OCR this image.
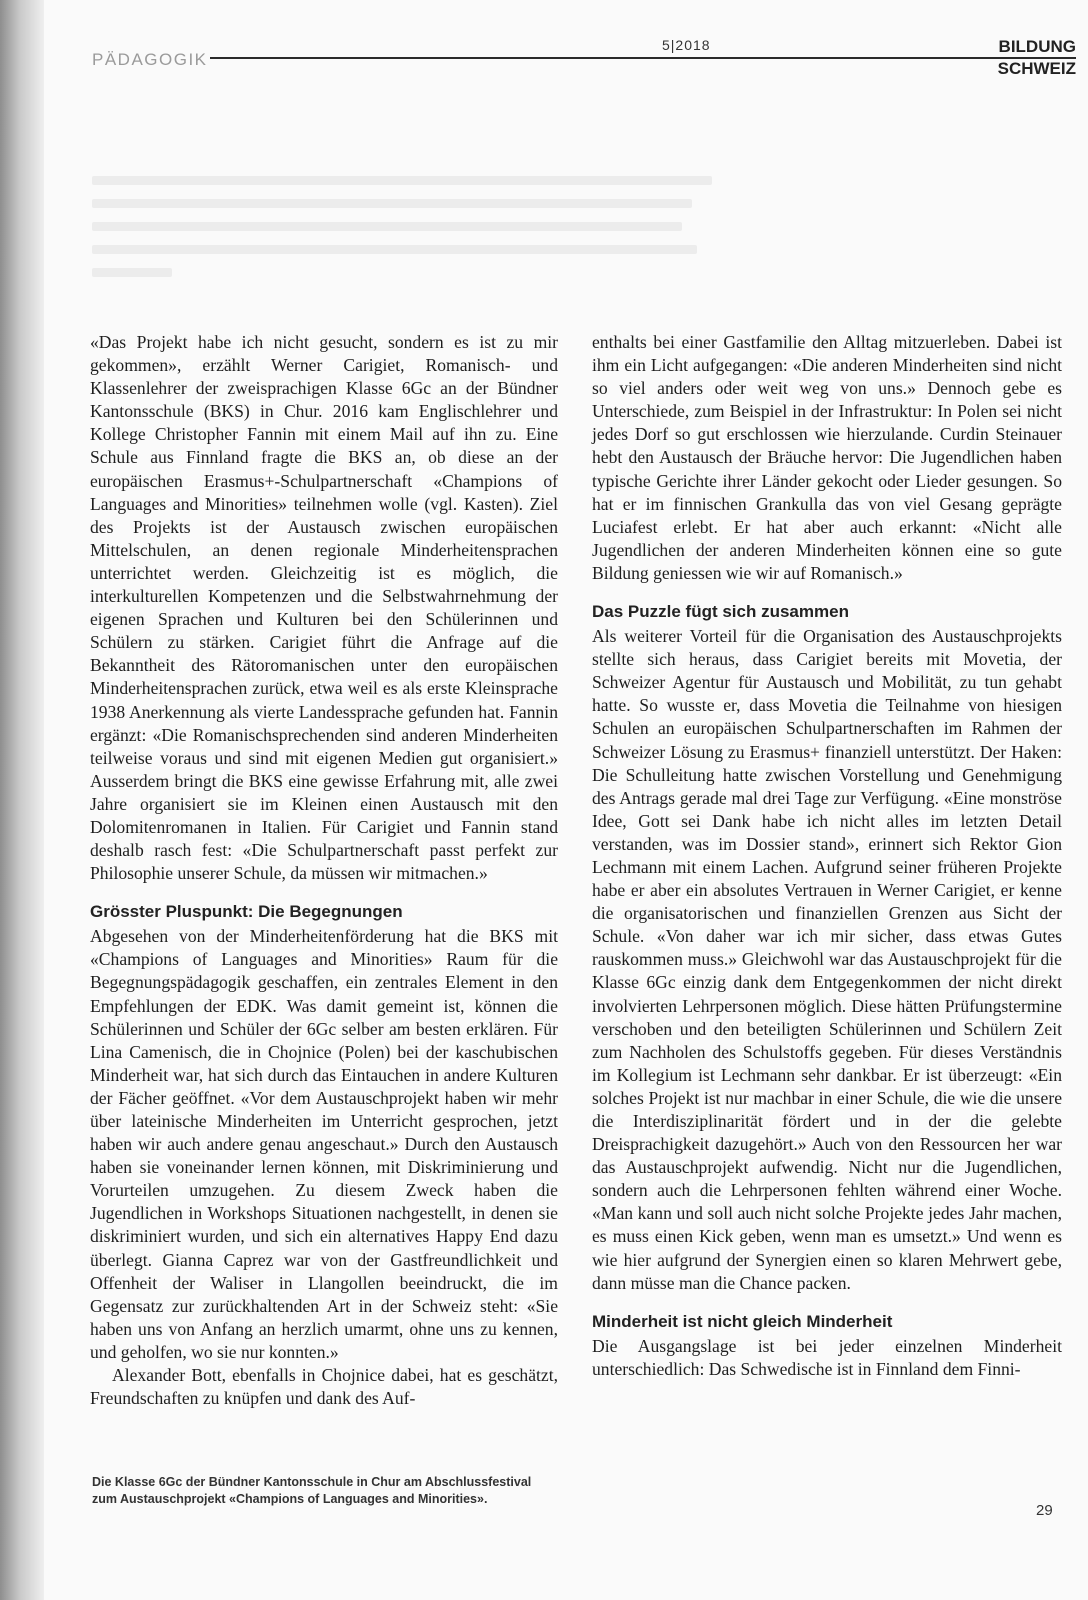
PÄDAGOGIK
5|2018	BILDUNG
SCHWEIZ

«Das Projekt habe ich nicht gesucht, sondern es ist zu mir gekommen», erzählt Werner Carigiet, Romanisch- und Klassenlehrer der zweisprachigen Klasse 6Gc an der Bündner Kantonsschule (BKS) in Chur. 2016 kam Englischlehrer und Kollege Christopher Fannin mit einem Mail auf ihn zu. Eine Schule aus Finnland fragte die BKS an, ob diese an der europäischen Erasmus+-Schulpartnerschaft «Champions of Languages and Minorities» teilnehmen wolle (vgl. Kasten). Ziel des Projekts ist der Austausch zwischen europäischen Mittelschulen, an denen regionale Minderheitensprachen unterrichtet werden. Gleichzeitig ist es möglich, die interkulturellen Kompetenzen und die Selbstwahrnehmung der eigenen Sprachen und Kulturen bei den Schülerinnen und Schülern zu stärken. Carigiet führt die Anfrage auf die Bekanntheit des Rätoromanischen unter den europäischen Minderheitensprachen zurück, etwa weil es als erste Kleinsprache 1938 Anerkennung als vierte Landessprache gefunden hat. Fannin ergänzt: «Die Romanischsprechenden sind anderen Minderheiten teilweise voraus und sind mit eigenen Medien gut organisiert.» Ausserdem bringt die BKS eine gewisse Erfahrung mit, alle zwei Jahre organisiert sie im Kleinen einen Austausch mit den Dolomitenromanen in Italien. Für Carigiet und Fannin stand deshalb rasch fest: «Die Schulpartnerschaft passt perfekt zur Philosophie unserer Schule, da müssen wir mitmachen.»

Grösster Pluspunkt: Die Begegnungen

Abgesehen von der Minderheitenförderung hat die BKS mit «Champions of Languages and Minorities» Raum für die Begegnungspädagogik geschaffen, ein zentrales Element in den Empfehlungen der EDK. Was damit gemeint ist, können die Schülerinnen und Schüler der 6Gc selber am besten erklären. Für Lina Camenisch, die in Chojnice (Polen) bei der kaschubischen Minderheit war, hat sich durch das Eintauchen in andere Kulturen der Fächer geöffnet. «Vor dem Austauschprojekt haben wir mehr über lateinische Minderheiten im Unterricht gesprochen, jetzt haben wir auch andere genau angeschaut.» Durch den Austausch haben sie voneinander lernen können, mit Diskriminierung und Vorurteilen umzugehen. Zu diesem Zweck haben die Jugendlichen in Workshops Situationen nachgestellt, in denen sie diskriminiert wurden, und sich ein alternatives Happy End dazu überlegt. Gianna Caprez war von der Gastfreundlichkeit und Offenheit der Waliser in Llangollen beeindruckt, die im Gegensatz zur zurückhaltenden Art in der Schweiz steht: «Sie haben uns von Anfang an herzlich umarmt, ohne uns zu kennen, und geholfen, wo sie nur konnten.»

Alexander Bott, ebenfalls in Chojnice dabei, hat es geschätzt, Freundschaften zu knüpfen und dank des Auf-

enthalts bei einer Gastfamilie den Alltag mitzuerleben. Dabei ist ihm ein Licht aufgegangen: «Die anderen Minderheiten sind nicht so viel anders oder weit weg von uns.» Dennoch gebe es Unterschiede, zum Beispiel in der Infrastruktur: In Polen sei nicht jedes Dorf so gut erschlossen wie hierzulande. Curdin Steinauer hebt den Austausch der Bräuche hervor: Die Jugendlichen haben typische Gerichte ihrer Länder gekocht oder Lieder gesungen. So hat er im finnischen Grankulla das von viel Gesang geprägte Luciafest erlebt. Er hat aber auch erkannt: «Nicht alle Jugendlichen der anderen Minderheiten können eine so gute Bildung geniessen wie wir auf Romanisch.»

Das Puzzle fügt sich zusammen

Als weiterer Vorteil für die Organisation des Austauschprojekts stellte sich heraus, dass Carigiet bereits mit Movetia, der Schweizer Agentur für Austausch und Mobilität, zu tun gehabt hatte. So wusste er, dass Movetia die Teilnahme von hiesigen Schulen an europäischen Schulpartnerschaften im Rahmen der Schweizer Lösung zu Erasmus+ finanziell unterstützt. Der Haken: Die Schulleitung hatte zwischen Vorstellung und Genehmigung des Antrags gerade mal drei Tage zur Verfügung. «Eine monströse Idee, Gott sei Dank habe ich nicht alles im letzten Detail verstanden, was im Dossier stand», erinnert sich Rektor Gion Lechmann mit einem Lachen. Aufgrund seiner früheren Projekte habe er aber ein absolutes Vertrauen in Werner Carigiet, er kenne die organisatorischen und finanziellen Grenzen aus Sicht der Schule. «Von daher war ich mir sicher, dass etwas Gutes rauskommen muss.» Gleichwohl war das Austauschprojekt für die Klasse 6Gc einzig dank dem Entgegenkommen der nicht direkt involvierten Lehrpersonen möglich. Diese hätten Prüfungstermine verschoben und den beteiligten Schülerinnen und Schülern Zeit zum Nachholen des Schulstoffs gegeben. Für dieses Verständnis im Kollegium ist Lechmann sehr dankbar. Er ist überzeugt: «Ein solches Projekt ist nur machbar in einer Schule, die wie die unsere die Interdisziplinarität fördert und in der die gelebte Dreisprachigkeit dazugehört.» Auch von den Ressourcen her war das Austauschprojekt aufwendig. Nicht nur die Jugendlichen, sondern auch die Lehrpersonen fehlten während einer Woche. «Man kann und soll auch nicht solche Projekte jedes Jahr machen, es muss einen Kick geben, wenn man es umsetzt.» Und wenn es wie hier aufgrund der Synergien einen so klaren Mehrwert gebe, dann müsse man die Chance packen.

Minderheit ist nicht gleich Minderheit

Die Ausgangslage ist bei jeder einzelnen Minderheit unterschiedlich: Das Schwedische ist in Finnland dem Finni-

Die Klasse 6Gc der Bündner Kantonsschule in Chur am Abschlussfestival
zum Austauschprojekt «Champions of Languages and Minorities».
29
